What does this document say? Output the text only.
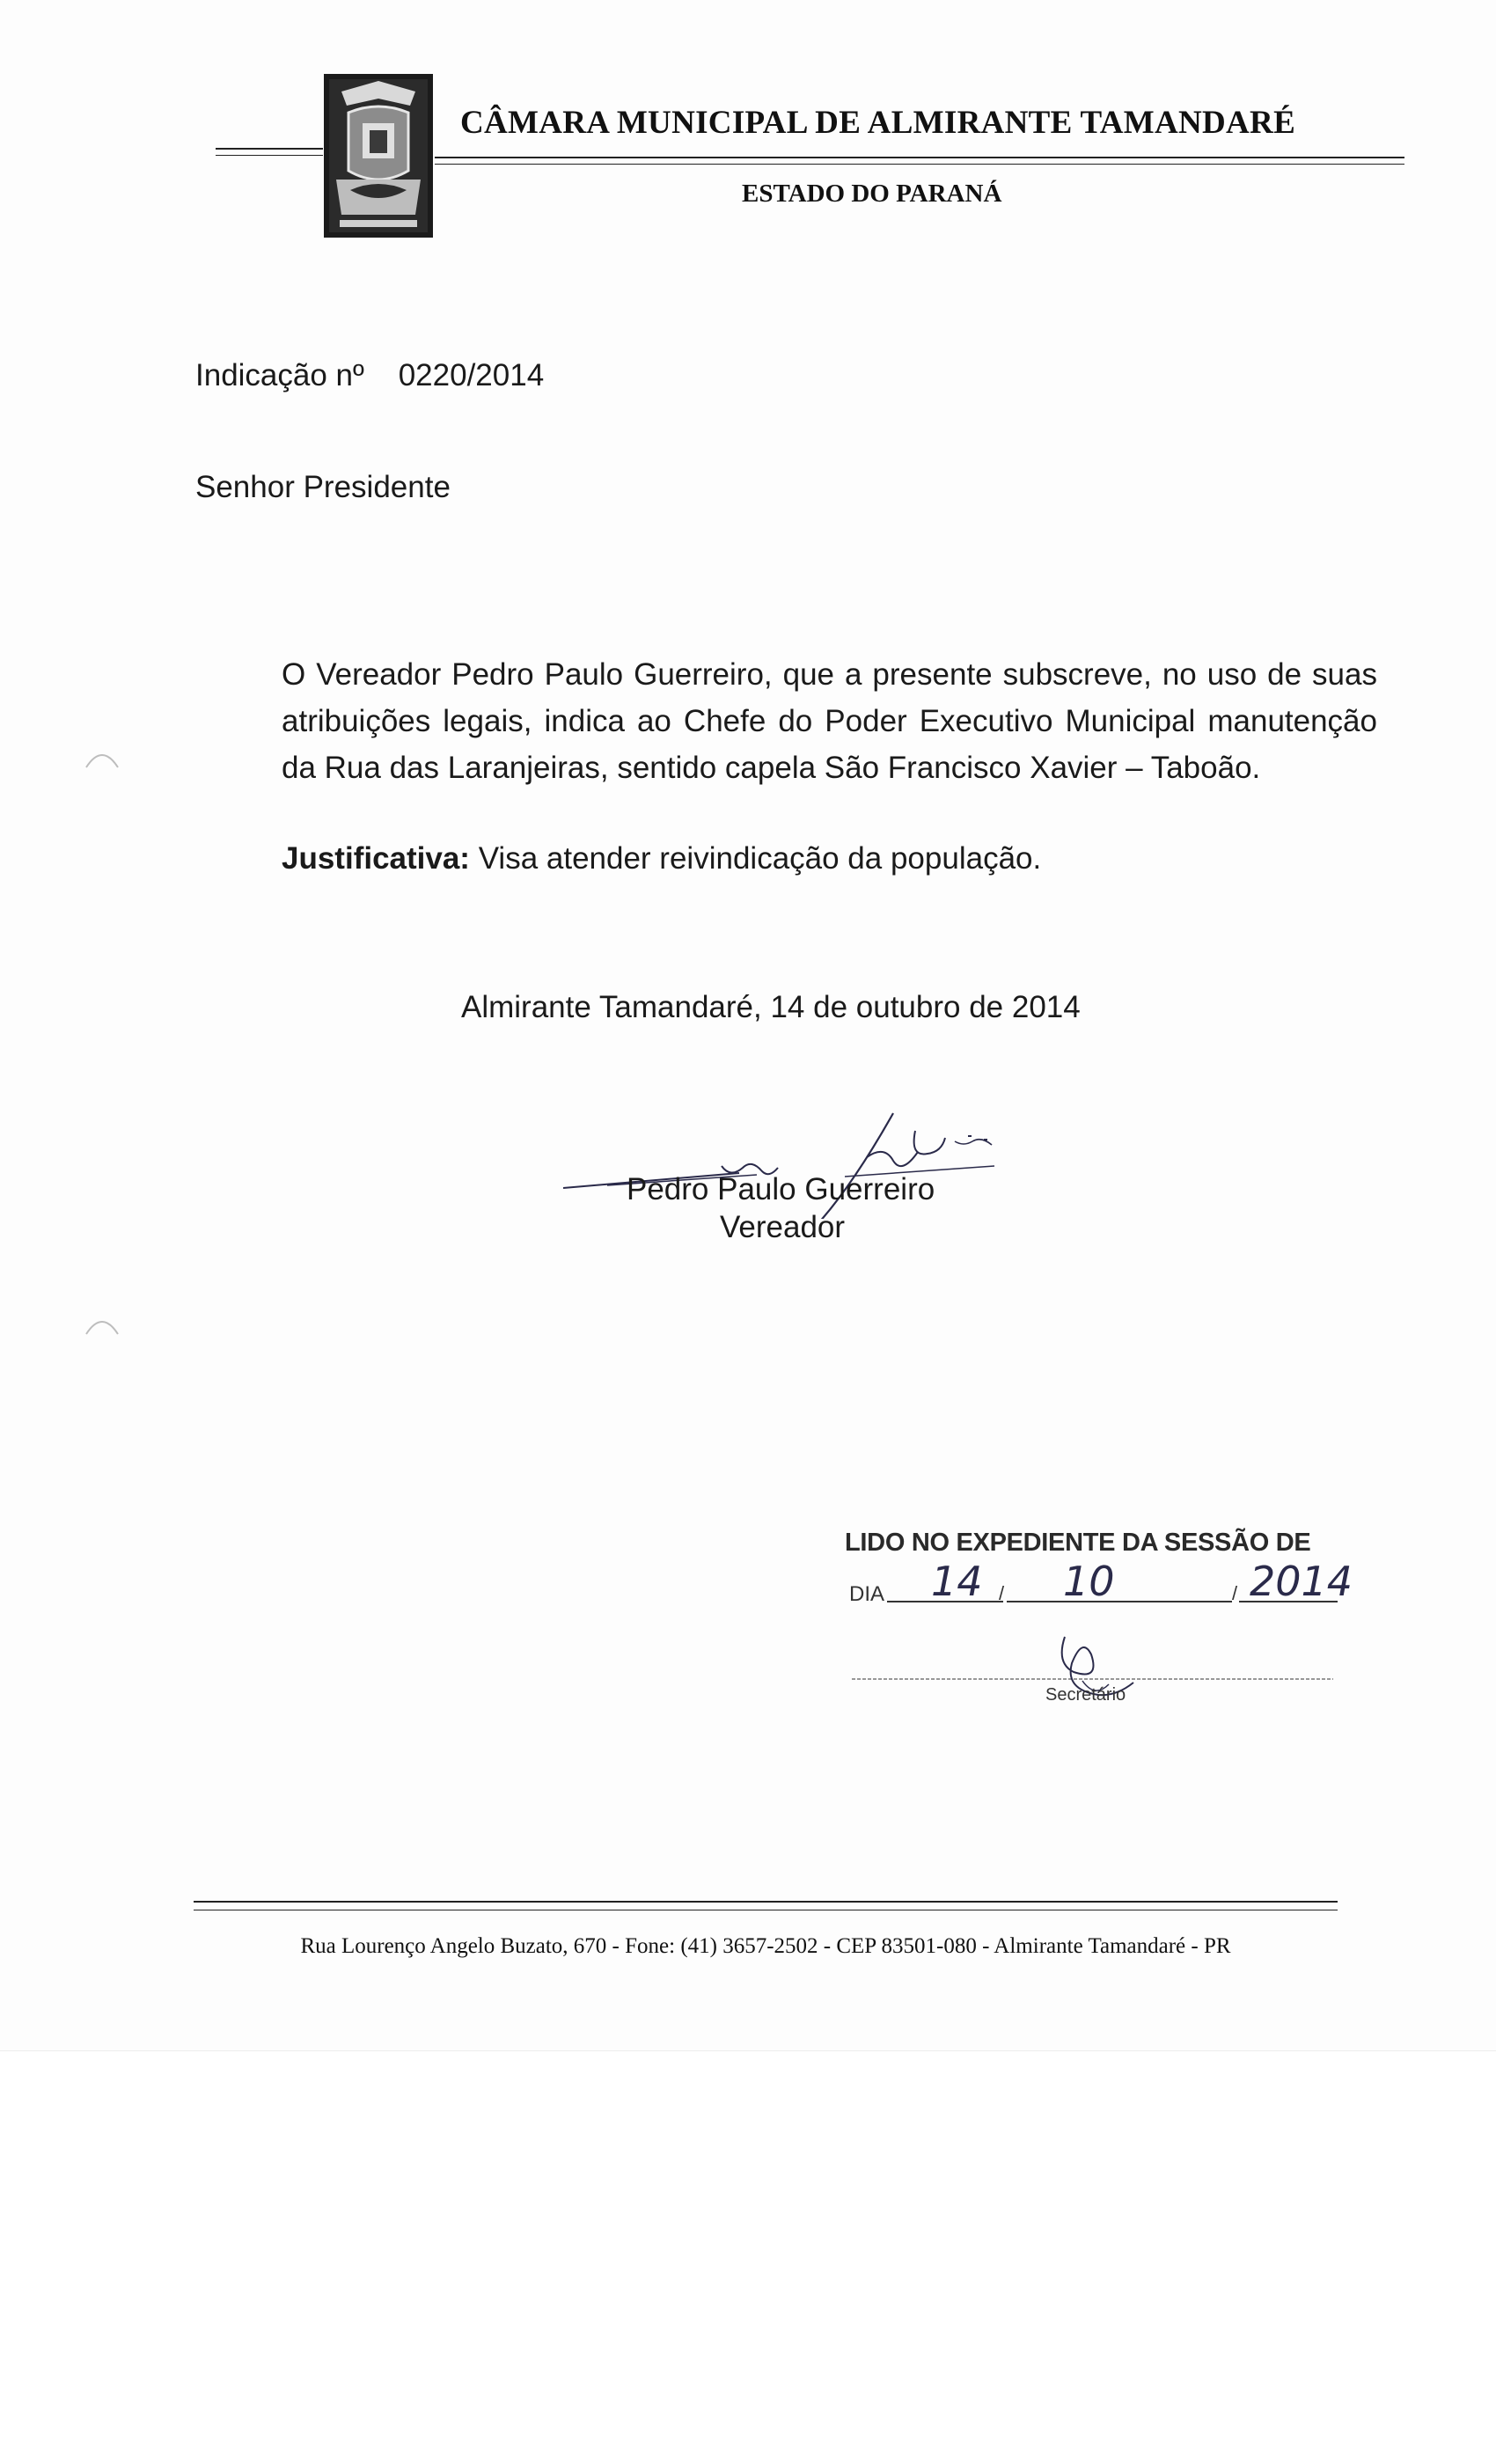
CÂMARA MUNICIPAL DE ALMIRANTE TAMANDARÉ
ESTADO DO PARANÁ
Indicação nº 0220/2014
Senhor Presidente
O Vereador Pedro Paulo Guerreiro, que a presente subscreve, no uso de suas atribuições legais, indica ao Chefe do Poder Executivo Municipal manutenção da Rua das Laranjeiras, sentido capela São Francisco Xavier – Taboão.
Justificativa: Visa atender reivindicação da população.
Almirante Tamandaré, 14 de outubro de 2014
Pedro Paulo Guerreiro
Vereador
LIDO NO EXPEDIENTE DA SESSÃO DE
DIA	/	/
14 10	2014
Secretário
Rua Lourenço Angelo Buzato, 670 - Fone: (41) 3657-2502 - CEP 83501-080 - Almirante Tamandaré - PR
